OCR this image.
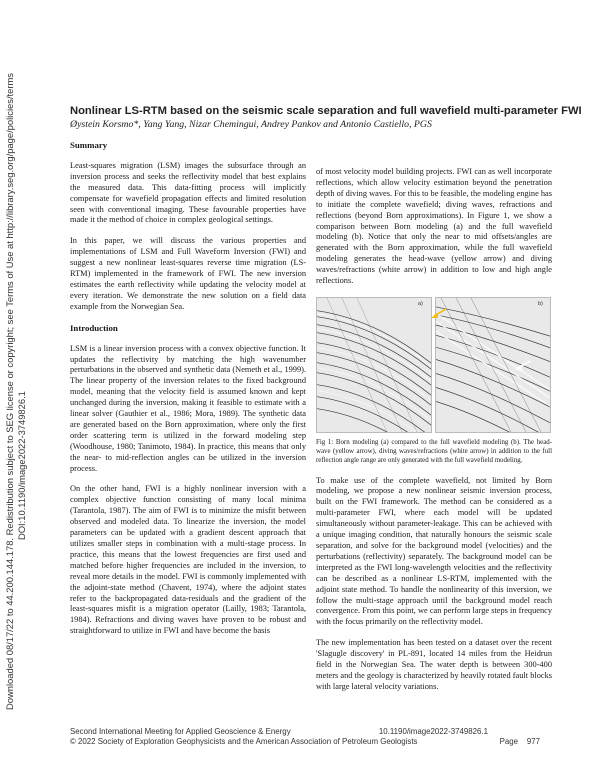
Downloaded 08/17/22 to 44.200.144.178. Redistribution subject to SEG license or copyright; see Terms of Use at http://library.seg.org/page/policies/terms DOI:10.1190/image2022-3749826.1
Nonlinear LS-RTM based on the seismic scale separation and full wavefield multi-parameter FWI

Øystein Korsmo*, Yang Yang, Nizar Chemingui, Andrey Pankov and Antonio Castiello, PGS

Summary

Least-squares migration (LSM) images the subsurface through an inversion process and seeks the reflectivity model that best explains the measured data. This data-fitting process will implicitly compensate for wavefield propagation effects and limited resolution seen with conventional imaging. These favourable properties have made it the method of choice in complex geological settings.

In this paper, we will discuss the various properties and implementations of LSM and Full Waveform Inversion (FWI) and suggest a new nonlinear least-squares reverse time migration (LS-RTM) implemented in the framework of FWI. The new inversion estimates the earth reflectivity while updating the velocity model at every iteration. We demonstrate the new solution on a field data example from the Norwegian Sea.

Introduction

LSM is a linear inversion process with a convex objective function. It updates the reflectivity by matching the high wavenumber perturbations in the observed and synthetic data (Nemeth et al., 1999). The linear property of the inversion relates to the fixed background model, meaning that the velocity field is assumed known and kept unchanged during the inversion, making it feasible to estimate with a linear solver (Gauthier et al., 1986; Mora, 1989). The synthetic data are generated based on the Born approximation, where only the first order scattering term is utilized in the forward modeling step (Woodhouse, 1980; Tanimoto, 1984). In practice, this means that only the near- to mid-reflection angles can be utilized in the inversion process.

On the other hand, FWI is a highly nonlinear inversion with a complex objective function consisting of many local minima (Tarantola, 1987). The aim of FWI is to minimize the misfit between observed and modeled data. To linearize the inversion, the model parameters can be updated with a gradient descent approach that utilizes smaller steps in combination with a multi-stage process. In practice, this means that the lowest frequencies are first used and matched before higher frequencies are included in the inversion, to reveal more details in the model. FWI is commonly implemented with the adjoint-state method (Chavent, 1974), where the adjoint states refer to the backpropagated data-residuals and the gradient of the least-squares misfit is a migration operator (Lailly, 1983; Tarantola, 1984). Refractions and diving waves have proven to be robust and straightforward to utilize in FWI and have become the basis

of most velocity model building projects. FWI can as well incorporate reflections, which allow velocity estimation beyond the penetration depth of diving waves. For this to be feasible, the modeling engine has to initiate the complete wavefield; diving waves, refractions and reflections (beyond Born approximations). In Figure 1, we show a comparison between Born modeling (a) and the full wavefield modeling (b). Notice that only the near to mid offsets/angles are generated with the Born approximation, while the full wavefield modeling generates the head-wave (yellow arrow) and diving waves/refractions (white arrow) in addition to low and high angle reflections.

a)	b)

Fig 1: Born modeling (a) compared to the full wavefield modeling (b). The head-wave (yellow arrow), diving waves/refractions (white arrow) in addition to the full reflection angle range are only generated with the full wavefield modeling.

To make use of the complete wavefield, not limited by Born modeling, we propose a new nonlinear seismic inversion process, built on the FWI framework. The method can be considered as a multi-parameter FWI, where each model will be updated simultaneously without parameter-leakage. This can be achieved with a unique imaging condition, that naturally honours the seismic scale separation, and solve for the background model (velocities) and the perturbations (reflectivity) separately. The background model can be interpreted as the FWI long-wavelength velocities and the reflectivity can be described as a nonlinear LS-RTM, implemented with the adjoint state method. To handle the nonlinearity of this inversion, we follow the multi-stage approach until the background model reach convergence. From this point, we can perform large steps in frequency with the focus primarily on the reflectivity model.

The new implementation has been tested on a dataset over the recent 'Slagugle discovery' in PL-891, located 14 miles from the Heidrun field in the Norwegian Sea. The water depth is between 300-400 meters and the geology is characterized by heavily rotated fault blocks with large lateral velocity variations.

Second International Meeting for Applied Geoscience & Energy	10.1190/image2022-3749826.1
© 2022 Society of Exploration Geophysicists and the American Association of Petroleum Geologists	Page 977
